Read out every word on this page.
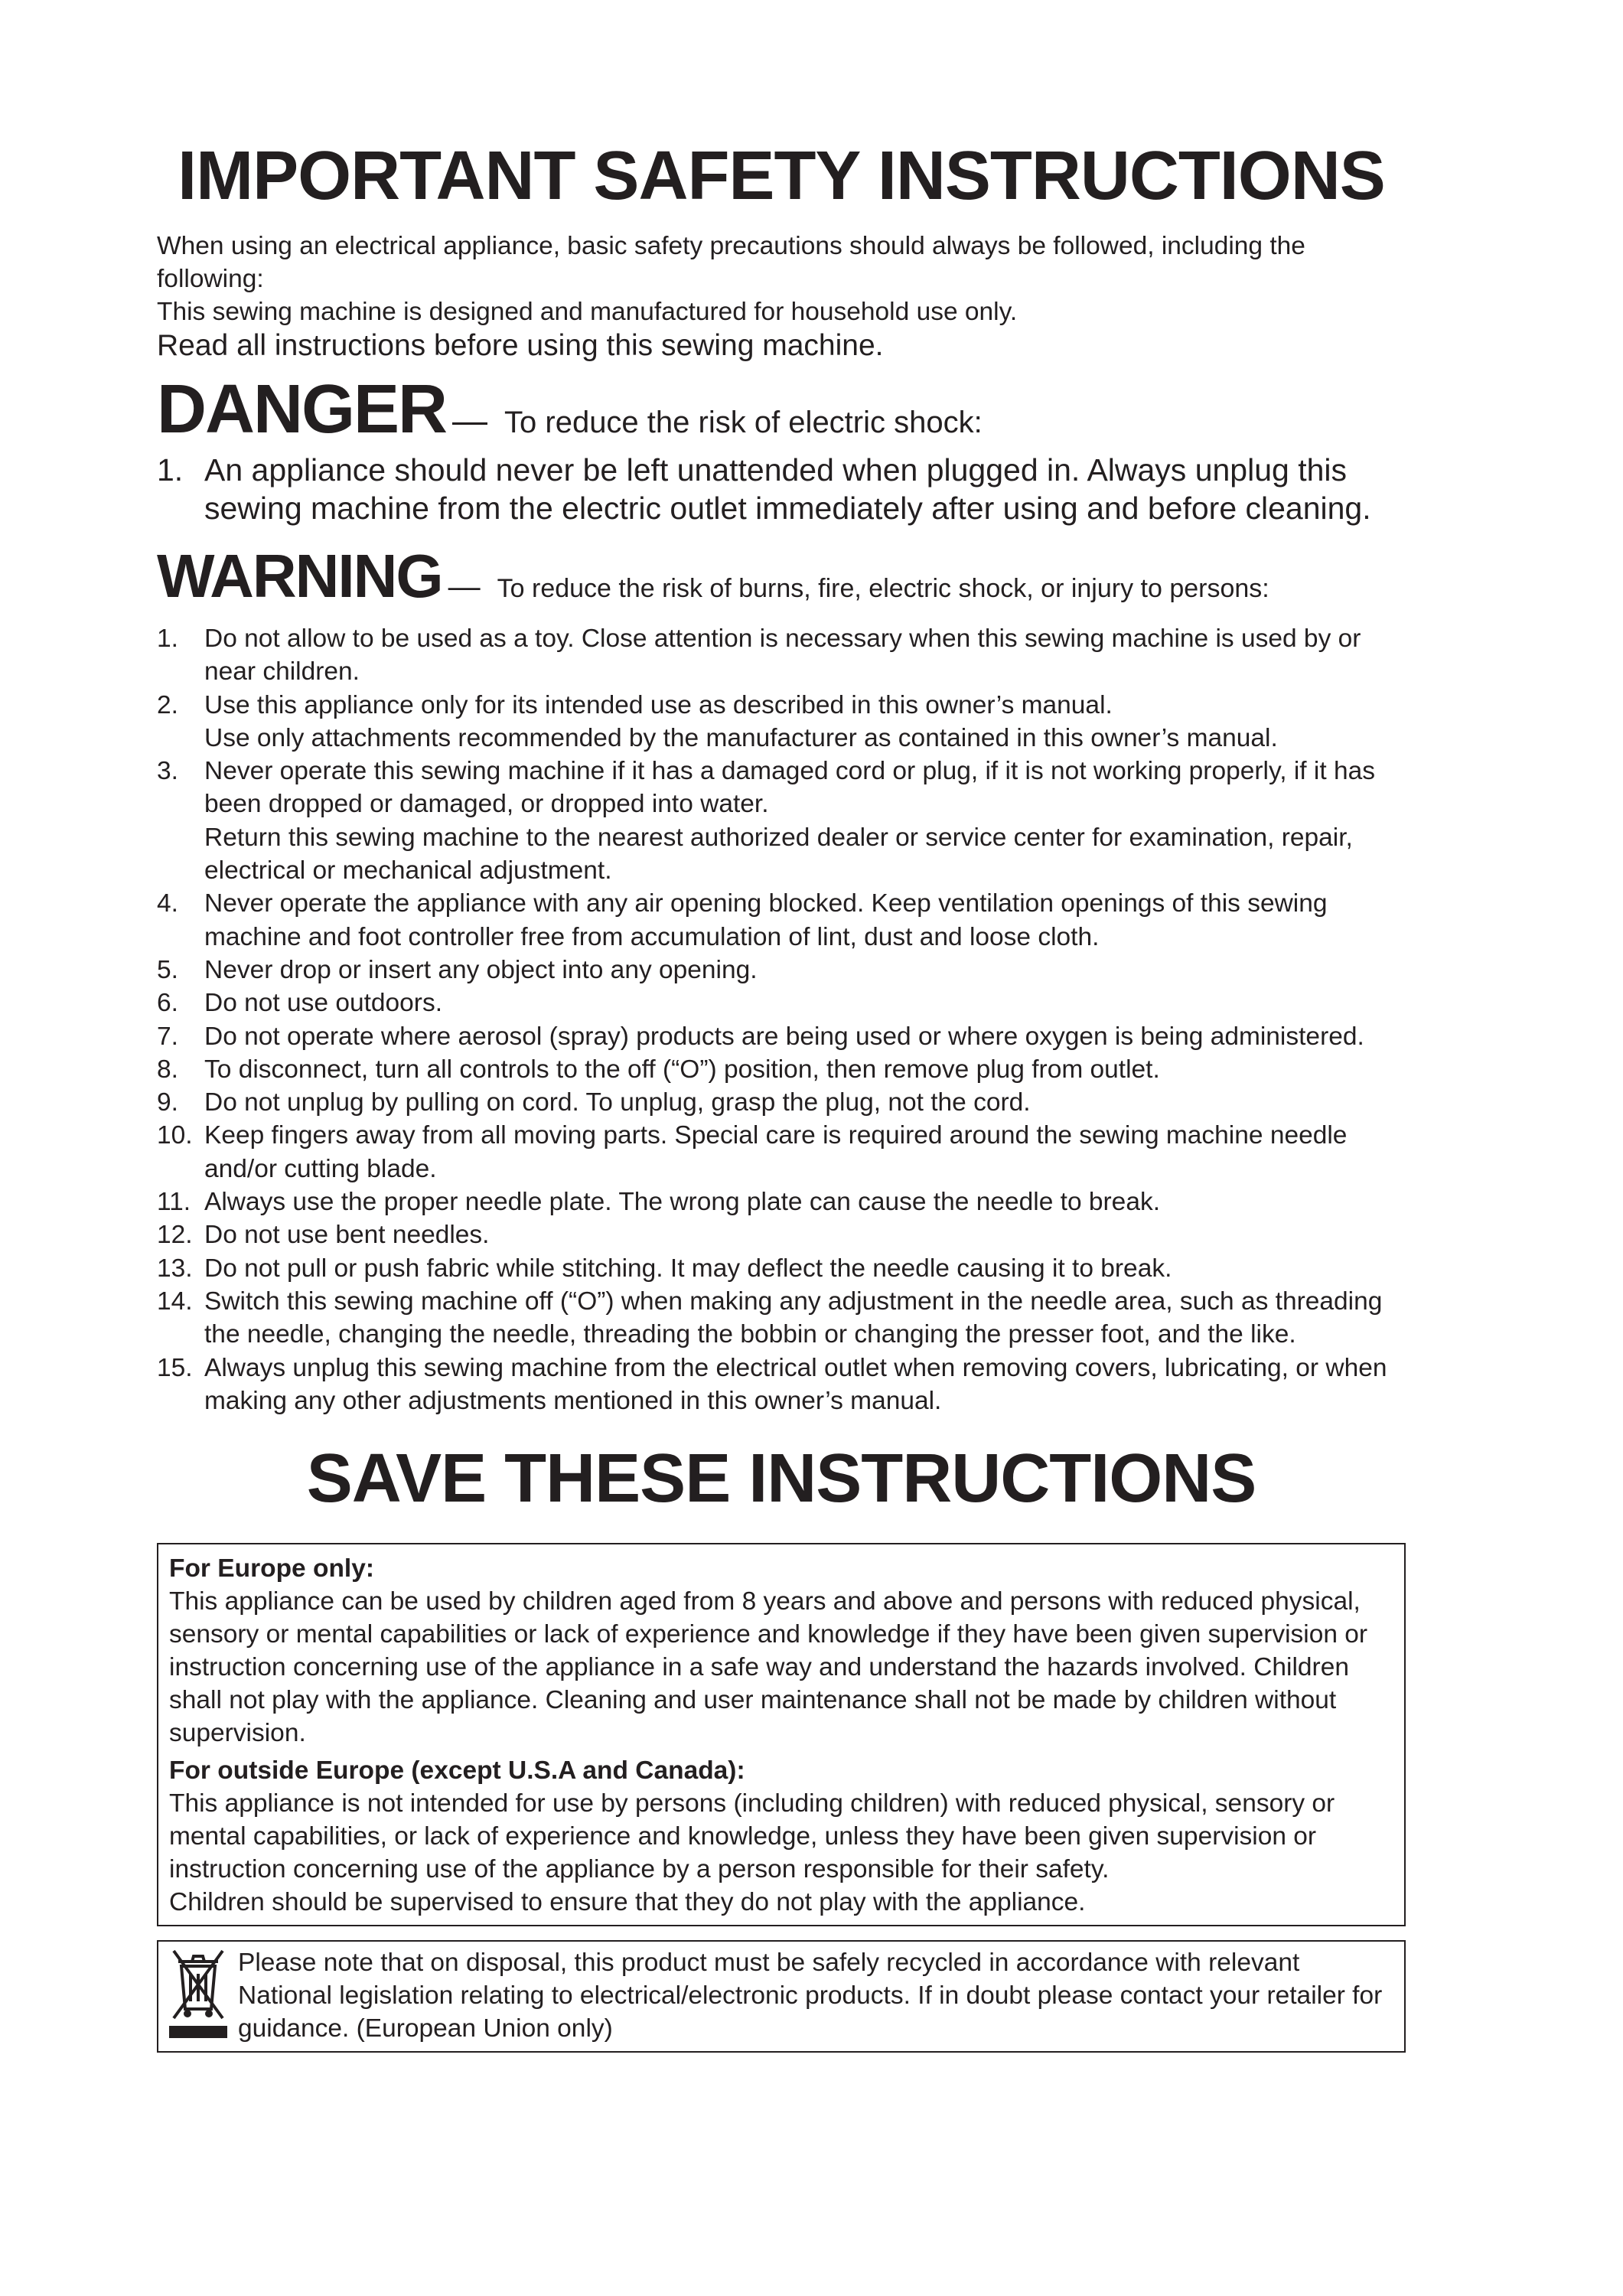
IMPORTANT SAFETY INSTRUCTIONS
When using an electrical appliance, basic safety precautions should always be followed, including the following:
This sewing machine is designed and manufactured for household use only.
Read all instructions before using this sewing machine.
DANGER — To reduce the risk of electric shock:
1. An appliance should never be left unattended when plugged in. Always unplug this sewing machine from the electric outlet immediately after using and before cleaning.
WARNING — To reduce the risk of burns, fire, electric shock, or injury to persons:
1. Do not allow to be used as a toy. Close attention is necessary when this sewing machine is used by or near children.
2. Use this appliance only for its intended use as described in this owner’s manual.
Use only attachments recommended by the manufacturer as contained in this owner’s manual.
3. Never operate this sewing machine if it has a damaged cord or plug, if it is not working properly, if it has been dropped or damaged, or dropped into water.
Return this sewing machine to the nearest authorized dealer or service center for examination, repair, electrical or mechanical adjustment.
4. Never operate the appliance with any air opening blocked. Keep ventilation openings of this sewing machine and foot controller free from accumulation of lint, dust and loose cloth.
5. Never drop or insert any object into any opening.
6. Do not use outdoors.
7. Do not operate where aerosol (spray) products are being used or where oxygen is being administered.
8. To disconnect, turn all controls to the off (“O”) position, then remove plug from outlet.
9. Do not unplug by pulling on cord. To unplug, grasp the plug, not the cord.
10. Keep fingers away from all moving parts. Special care is required around the sewing machine needle and/or cutting blade.
11. Always use the proper needle plate. The wrong plate can cause the needle to break.
12. Do not use bent needles.
13. Do not pull or push fabric while stitching. It may deflect the needle causing it to break.
14. Switch this sewing machine off (“O”) when making any adjustment in the needle area, such as threading the needle, changing the needle, threading the bobbin or changing the presser foot, and the like.
15. Always unplug this sewing machine from the electrical outlet when removing covers, lubricating, or when making any other adjustments mentioned in this owner’s manual.
SAVE THESE INSTRUCTIONS
For Europe only:
This appliance can be used by children aged from 8 years and above and persons with reduced physical, sensory or mental capabilities or lack of experience and knowledge if they have been given supervision or instruction concerning use of the appliance in a safe way and understand the hazards involved. Children shall not play with the appliance. Cleaning and user maintenance shall not be made by children without supervision.
For outside Europe (except U.S.A and Canada):
This appliance is not intended for use by persons (including children) with reduced physical, sensory or mental capabilities, or lack of experience and knowledge, unless they have been given supervision or instruction concerning use of the appliance by a person responsible for their safety.
Children should be supervised to ensure that they do not play with the appliance.
Please note that on disposal, this product must be safely recycled in accordance with relevant National legislation relating to electrical/electronic products. If in doubt please contact your retailer for guidance. (European Union only)
